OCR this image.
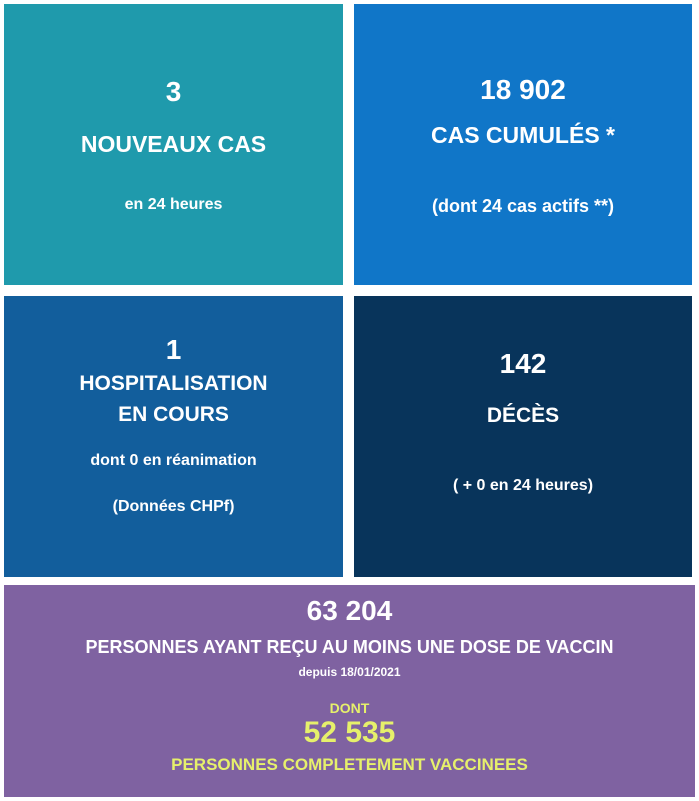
3
NOUVEAUX CAS
en 24 heures
18 902
CAS CUMULÉS *
(dont 24 cas actifs **)
1
HOSPITALISATION
EN COURS
dont 0 en réanimation
(Données CHPf)
142
DÉCÈS
( + 0 en 24 heures)
63 204
PERSONNES AYANT REÇU AU MOINS UNE DOSE DE VACCIN
depuis 18/01/2021
DONT
52 535
PERSONNES COMPLETEMENT VACCINEES
